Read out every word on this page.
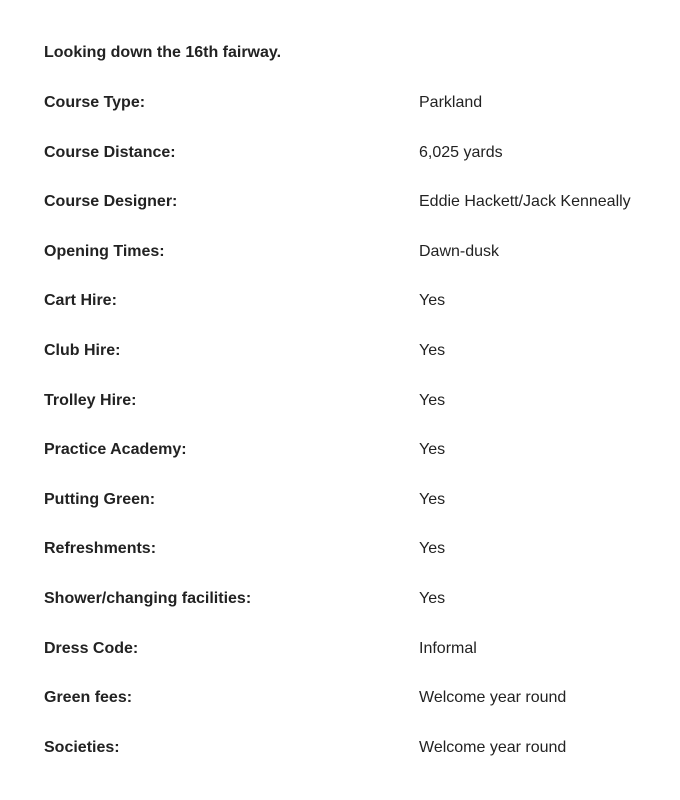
Looking down the 16th fairway.
Course Type:	Parkland
Course Distance:	6,025 yards
Course Designer:	Eddie Hackett/Jack Kenneally
Opening Times:	Dawn-dusk
Cart Hire:	Yes
Club Hire:	Yes
Trolley Hire:	Yes
Practice Academy:	Yes
Putting Green:	Yes
Refreshments:	Yes
Shower/changing facilities:	Yes
Dress Code:	Informal
Green fees:	Welcome year round
Societies:	Welcome year round
